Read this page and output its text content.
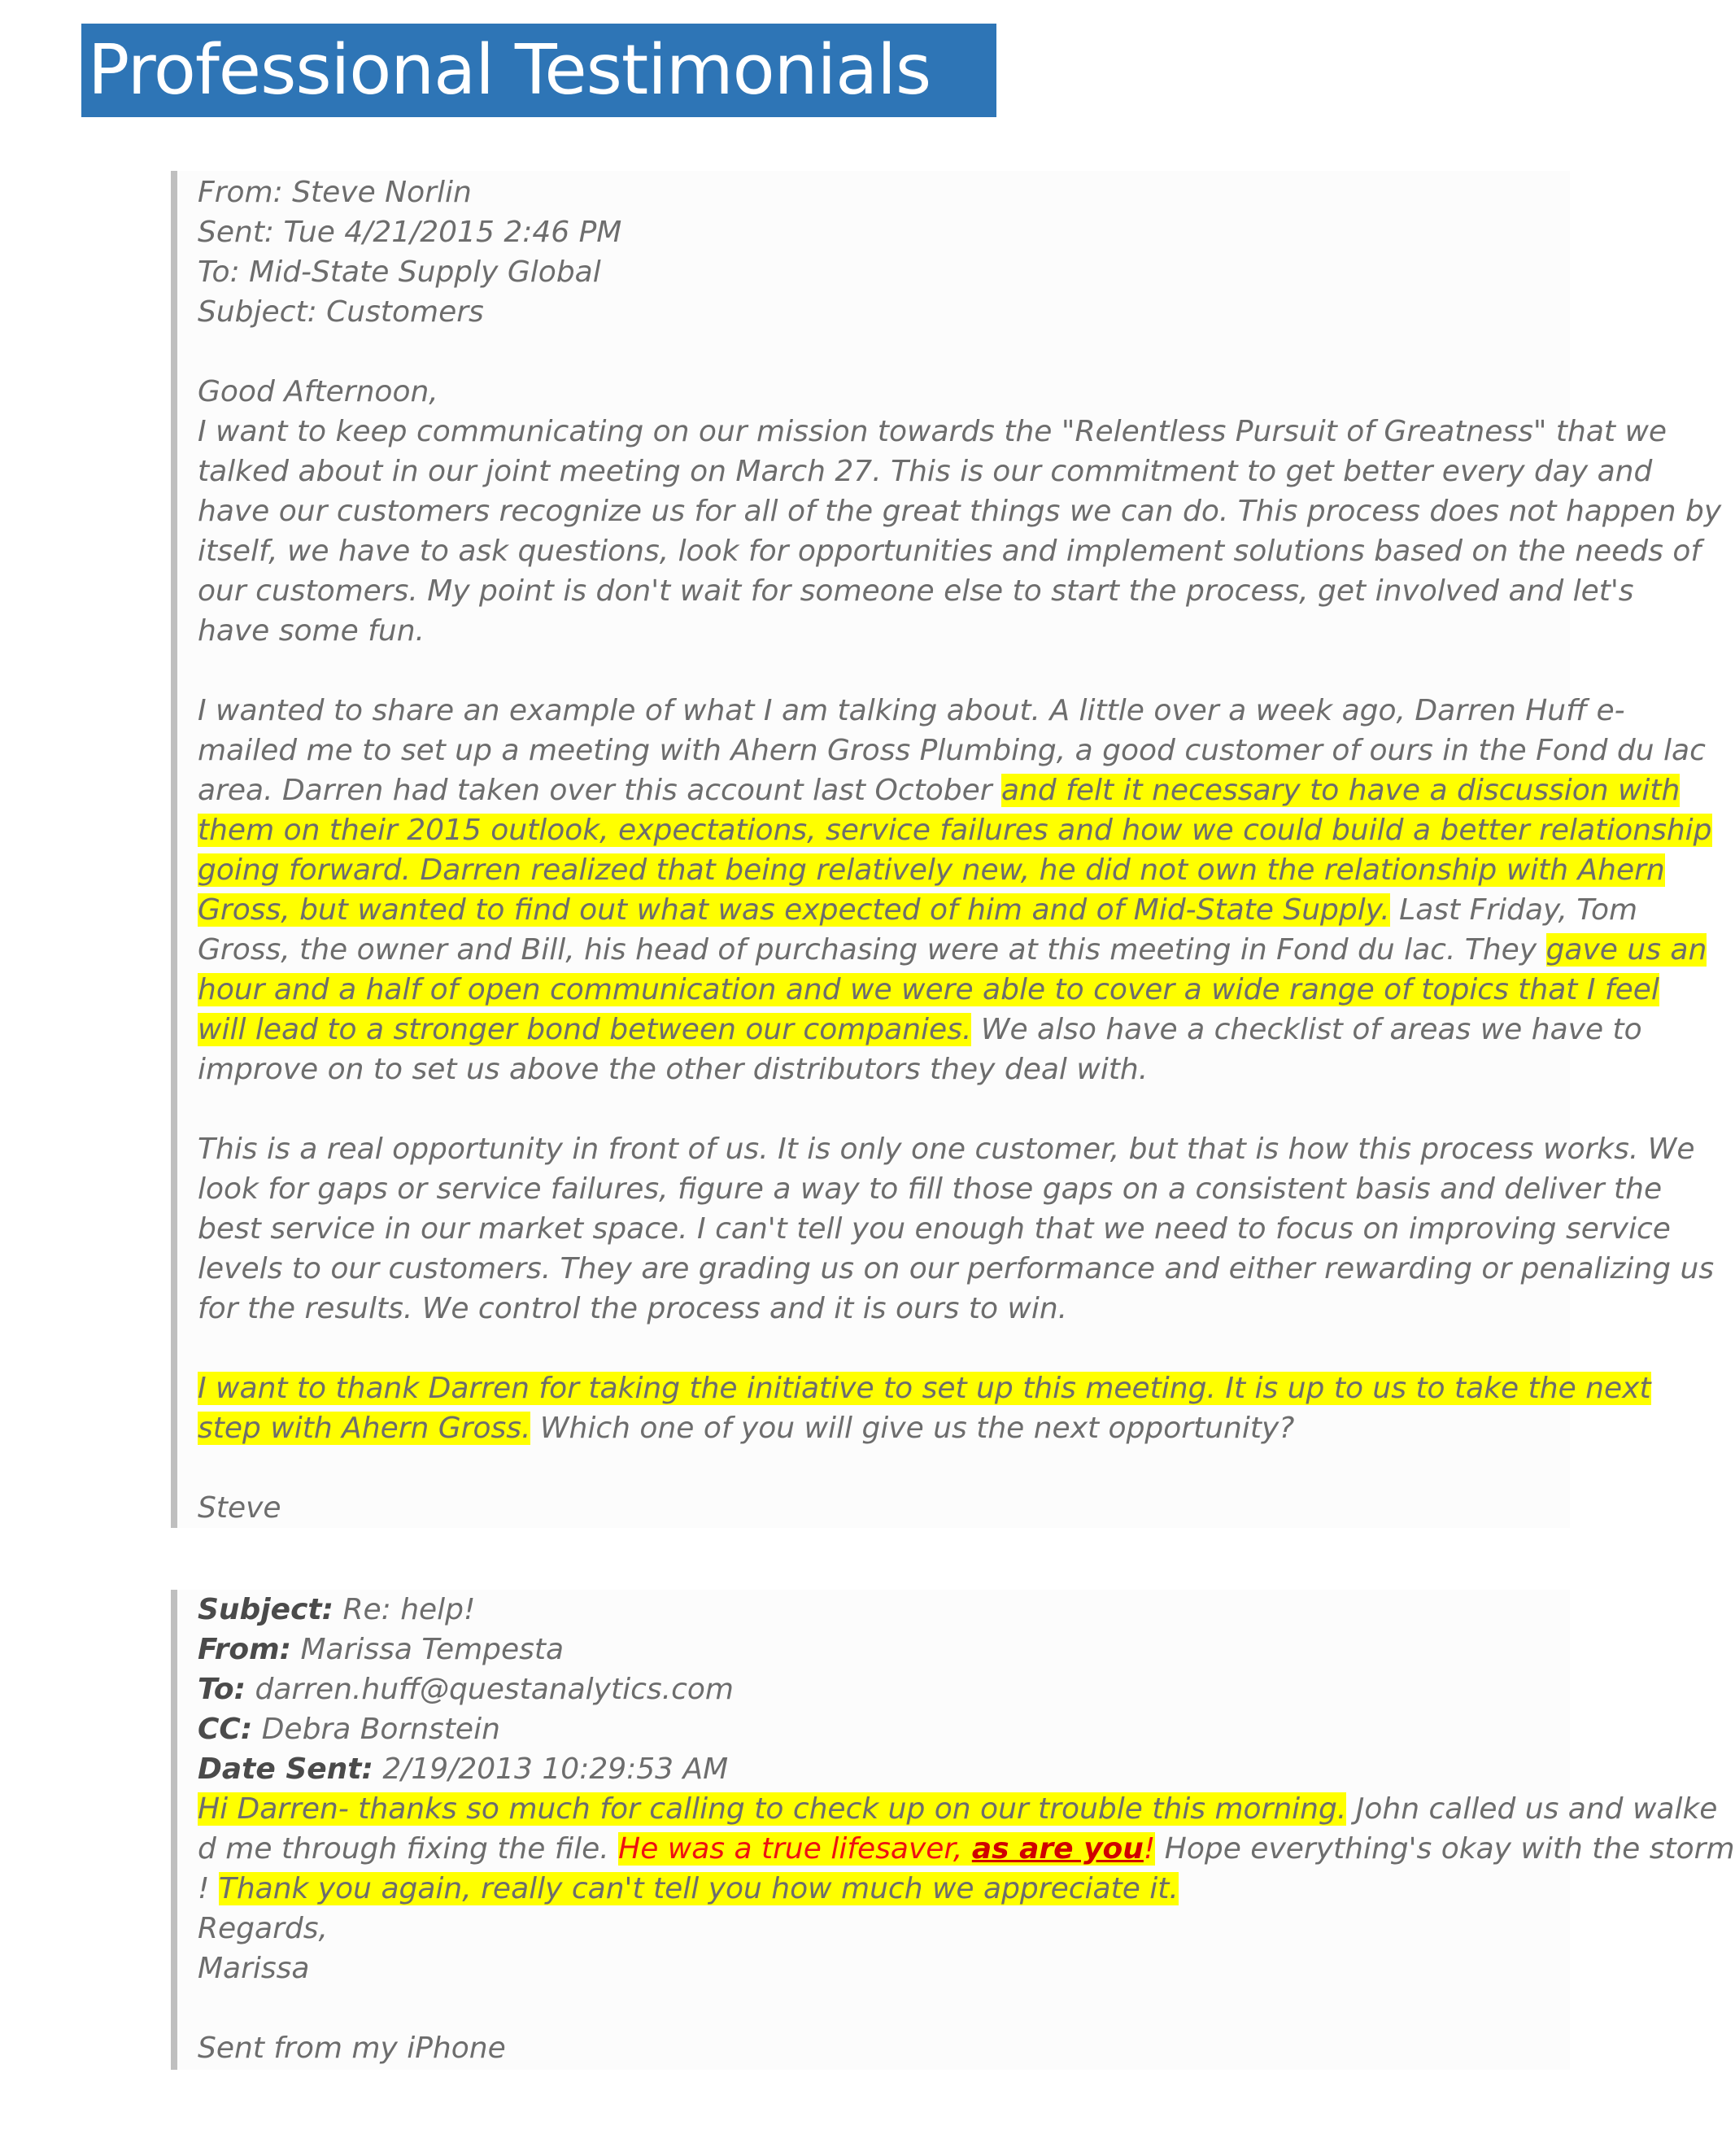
Professional Testimonials
From: Steve Norlin
Sent: Tue 4/21/2015 2:46 PM
To: Mid-State Supply Global
Subject: Customers
Good Afternoon,
I want to keep communicating on our mission towards the "Relentless Pursuit of Greatness" that we
talked about in our joint meeting on March 27. This is our commitment to get better every day and
have our customers recognize us for all of the great things we can do. This process does not happen by
itself, we have to ask questions, look for opportunities and implement solutions based on the needs of
our customers. My point is don't wait for someone else to start the process, get involved and let's
have some fun.
I wanted to share an example of what I am talking about. A little over a week ago, Darren Huff e-
mailed me to set up a meeting with Ahern Gross Plumbing, a good customer of ours in the Fond du lac
area. Darren had taken over this account last October and felt it necessary to have a discussion with
them on their 2015 outlook, expectations, service failures and how we could build a better relationship
going forward. Darren realized that being relatively new, he did not own the relationship with Ahern
Gross, but wanted to find out what was expected of him and of Mid-State Supply. Last Friday, Tom
Gross, the owner and Bill, his head of purchasing were at this meeting in Fond du lac. They gave us an
hour and a half of open communication and we were able to cover a wide range of topics that I feel
will lead to a stronger bond between our companies. We also have a checklist of areas we have to
improve on to set us above the other distributors they deal with.
This is a real opportunity in front of us. It is only one customer, but that is how this process works. We
look for gaps or service failures, figure a way to fill those gaps on a consistent basis and deliver the
best service in our market space. I can't tell you enough that we need to focus on improving service
levels to our customers. They are grading us on our performance and either rewarding or penalizing us
for the results. We control the process and it is ours to win.
I want to thank Darren for taking the initiative to set up this meeting. It is up to us to take the next
step with Ahern Gross. Which one of you will give us the next opportunity?
Steve
Subject: Re: help!
From: Marissa Tempesta
To: darren.huff@questanalytics.com
CC: Debra Bornstein
Date Sent: 2/19/2013 10:29:53 AM
Hi Darren- thanks so much for calling to check up on our trouble this morning. John called us and walke
d me through fixing the file. He was a true lifesaver, as are you! Hope everything's okay with the storm
! Thank you again, really can't tell you how much we appreciate it.
Regards,
Marissa
Sent from my iPhone
